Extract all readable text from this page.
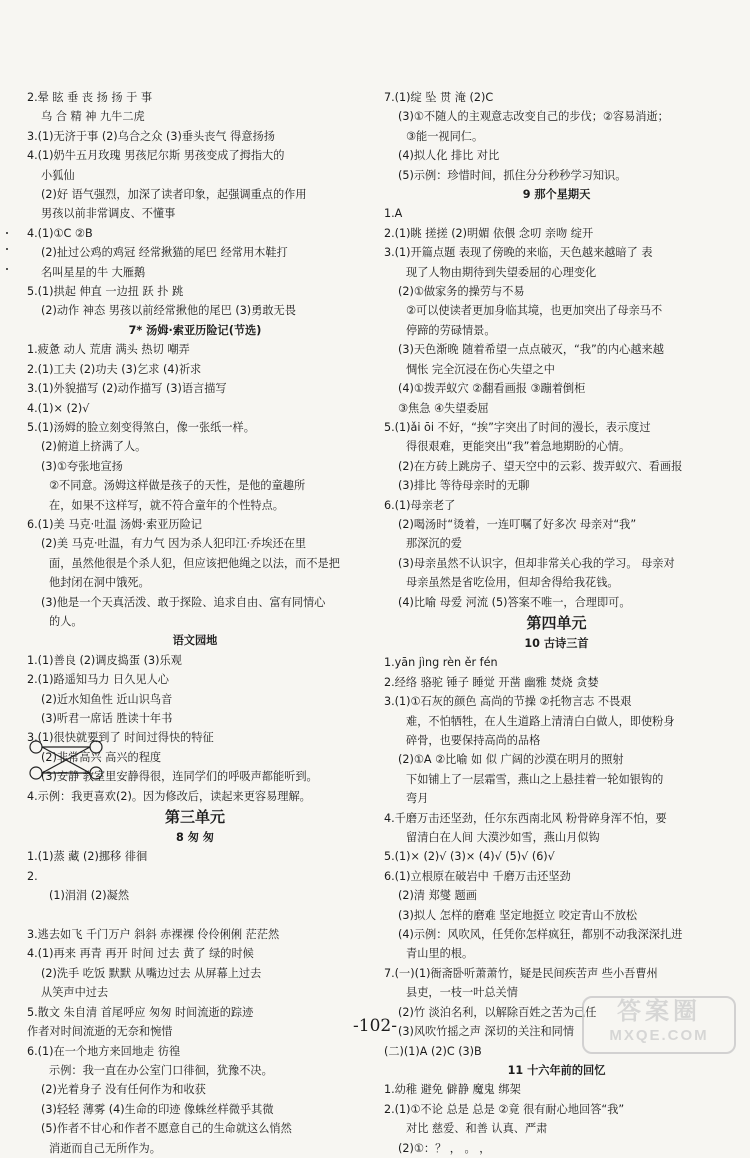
2.晕 眩 垂 丧 扬 扬 于 事
乌 合 精 神 九牛二虎
3.(1)无济于事 (2)乌合之众 (3)垂头丧气 得意扬扬
4.(1)奶牛五月玫瑰 男孩尼尔斯 男孩变成了拇指大的
小狐仙
(2)好 语气强烈，加深了读者印象，起强调重点的作用
男孩以前非常调皮、不懂事
4.(1)①C ②B
(2)扯过公鸡的鸡冠 经常揪猫的尾巴 经常用木鞋打
名叫星星的牛 大雁鹅
5.(1)拱起 伸直 一边扭 跃 扑 跳
(2)动作 神态 男孩以前经常揪他的尾巴 (3)勇敢无畏
7* 汤姆·索亚历险记(节选)
1.疲惫 动人 荒唐 满头 热切 嘲弄
2.(1)工夫 (2)功夫 (3)乞求 (4)祈求
3.(1)外貌描写 (2)动作描写 (3)语言描写
4.(1)× (2)√
5.(1)汤姆的脸立刻变得煞白，像一张纸一样。
(2)俯道上挤满了人。
(3)①夸张地宣扬
②不同意。汤姆这样做是孩子的天性，是他的童趣所
在，如果不这样写，就不符合童年的个性特点。
6.(1)美 马克·吐温 汤姆·索亚历险记
(2)美 马克·吐温，有力气 因为杀人犯印江·乔埃还在里
面，虽然他很是个杀人犯，但应该把他绳之以法，而不是把
他封闭在洞中饿死。
(3)他是一个天真活泼、敢于探险、追求自由、富有同情心
的人。
语文园地
1.(1)善良 (2)调皮捣蛋 (3)乐观
2.(1)路遥知马力 日久见人心
(2)近水知鱼性 近山识鸟音
(3)听君一席话 胜读十年书
3.(1)很快就要到了 时间过得快的特征
(2)非常高兴 高兴的程度
(3)安静 教室里安静得很，连同学们的呼吸声都能听到。
4.示例：我更喜欢(2)。因为修改后，读起来更容易理解。
第三单元
8 匆 匆
1.(1)蒸 藏 (2)挪移 徘徊
2.
(1)涓涓 (2)凝然

3.逃去如飞 千门万户 斜斜 赤裸裸 伶伶俐俐 茫茫然
4.(1)再来 再青 再开 时间 过去 黄了 绿的时候
(2)洗手 吃饭 默默 从嘴边过去 从屏幕上过去
从笑声中过去
5.散文 朱自清 首尾呼应 匆匆 时间流逝的踪迹
作者对时间流逝的无奈和惋惜
6.(1)在一个地方来回地走 彷徨
示例：我一直在办公室门口徘徊，犹豫不决。
(2)光着身子 没有任何作为和收获
(3)轻轻 薄雾 (4)生命的印迹 像蛛丝样微乎其微
(5)作者不甘心和作者不愿意自己的生命就这么悄然
消逝而自己无所作为。
7.(1)绽 坠 贯 淹 (2)C
(3)①不随人的主观意志改变自己的步伐；②容易消逝；
③能一视同仁。
(4)拟人化 排比 对比
(5)示例：珍惜时间，抓住分分秒秒学习知识。
9 那个星期天
1.A
2.(1)眺 搓搓 (2)明媚 依偎 念叨 亲吻 绽开
3.(1)开篇点题 表现了傍晚的来临，天色越来越暗了 表
现了人物由期待到失望委屈的心理变化
(2)①做家务的操劳与不易
②可以使读者更加身临其境，也更加突出了母亲马不
停蹄的劳碌情景。
(3)天色渐晚 随着希望一点点破灭，“我”的内心越来越
惆怅 完全沉浸在伤心失望之中
(4)①拨弄蚁穴 ②翻看画报 ③蹦着倒柜
③焦急 ④失望委屈
5.(1)ǎi ōi 不好，“挨”字突出了时间的漫长，表示度过
得很艰难，更能突出“我”着急地期盼的心情。
(2)在方砖上跳房子、望天空中的云彩、拨弄蚁穴、看画报
(3)排比 等待母亲时的无聊
6.(1)母亲老了
(2)喝汤时“烫着，一连叮嘱了好多次 母亲对“我”
那深沉的爱
(3)母亲虽然不认识字，但却非常关心我的学习。 母亲对
母亲虽然是省吃俭用，但却舍得给我花钱。
(4)比喻 母爱 河流 (5)答案不唯一，合理即可。
第四单元
10 古诗三首
1.yān jìng rèn ěr fén
2.经络 骆驼 锤子 睡觉 开凿 幽雅 焚烧 贪婪
3.(1)①石灰的颜色 高尚的节操 ②托物言志 不畏艰
难，不怕牺牲，在人生道路上清清白白做人，即使粉身
碎骨，也要保持高尚的品格
(2)①A ②比喻 如 似 广阔的沙漠在明月的照射
下如铺上了一层霜雪，燕山之上悬挂着一轮如银钩的
弯月
4.千磨万击还坚劲，任尔东西南北风 粉骨碎身浑不怕，要
留清白在人间 大漠沙如雪，燕山月似钩
5.(1)× (2)√ (3)× (4)√ (5)√ (6)√
6.(1)立根原在破岩中 千磨万击还坚劲
(2)清 郑燮 题画
(3)拟人 怎样的磨难 坚定地挺立 咬定青山不放松
(4)示例：风吹风，任凭你怎样疯狂，都别不动我深深扎进
青山里的根。
7.(一)(1)衙斋卧听萧萧竹，疑是民间疾苦声 些小吾曹州
县吏，一枝一叶总关情
(2)竹 淡泊名利，以解除百姓之苦为己任
(3)风吹竹摇之声 深切的关注和同情
(二)(1)A (2)C (3)B
11 十六年前的回忆
1.幼稚 避免 僻静 魔鬼 绑架
2.(1)①不论 总是 总是 ②竟 很有耐心地回答“我”
对比 慈爱、和善 认真、严肃
(2)①：？ ， 。 ，
-102-
答案圈
MXQE.COM
